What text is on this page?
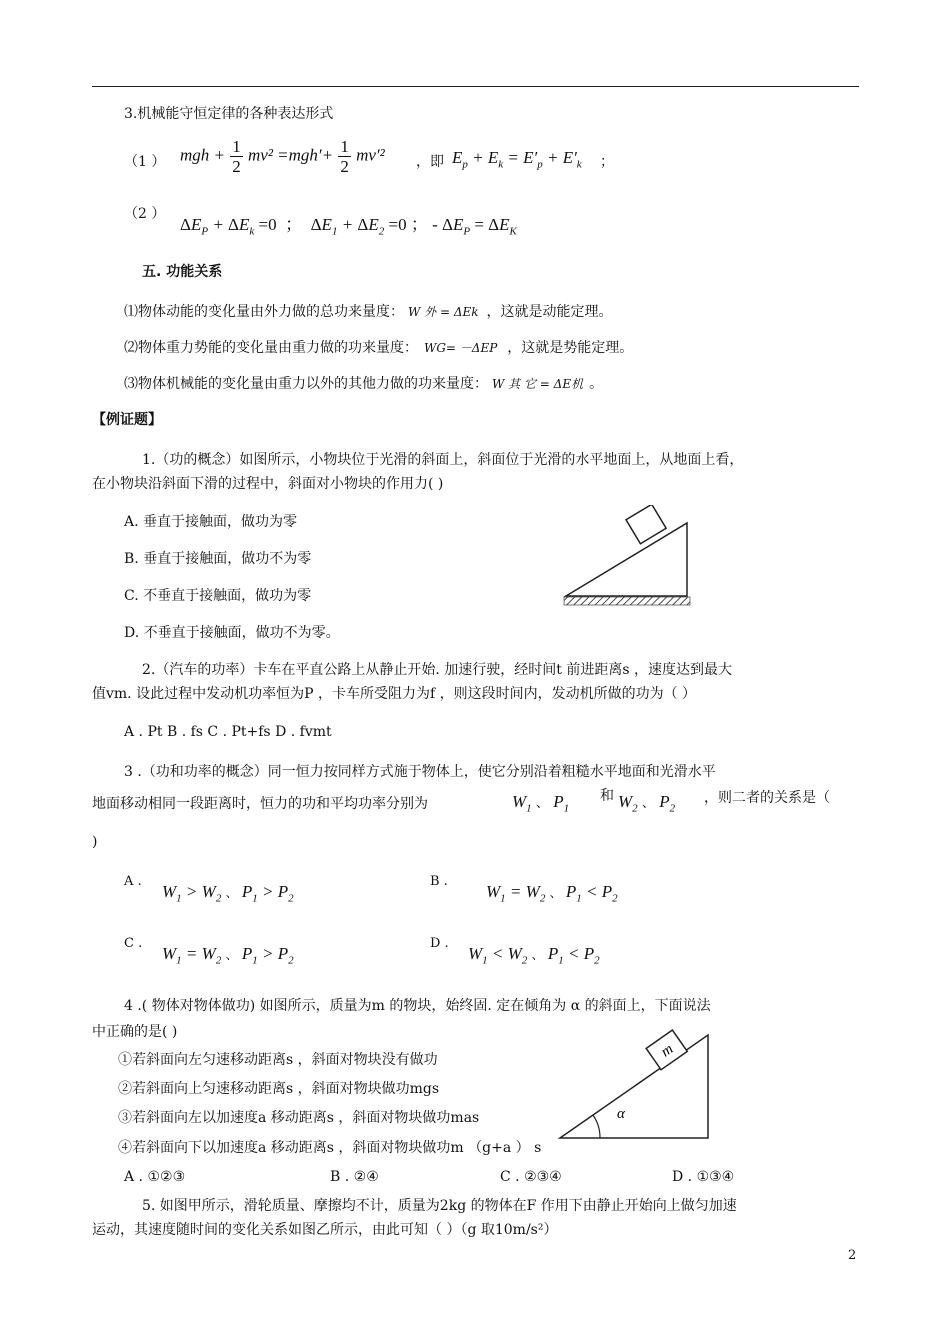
3.机械能守恒定律的各种表达形式
（1 ） mgh + $\frac{1}{2} mv^2 =mgh'+ \frac{1}{2} mv'^2$ ，即 $E_p + E_k = E'_p + E'_k$ ；
（2 ）
$\Delta E_P + \Delta E_k =0$ ； $\Delta E_1 + \Delta E_2 =0$ ； - $\Delta E_P = \Delta E_K$
五. 功能关系
⑴物体动能的变化量由外力做的总功来量度： W 外 = ΔEk ，这就是动能定理。
⑵物体重力势能的变化量由重力做的功来量度： WG= －ΔEP ，这就是势能定理。
⑶物体机械能的变化量由重力以外的其他力做的功来量度： W 其 它 = ΔE机 。
【例证题】
1.（功的概念）如图所示，小物块位于光滑的斜面上，斜面位于光滑的水平地面上，从地面上看，
在小物块沿斜面下滑的过程中，斜面对小物块的作用力( )
A. 垂直于接触面，做功为零
B. 垂直于接触面，做功不为零
C. 不垂直于接触面，做功为零
D. 不垂直于接触面，做功不为零。
2.（汽车的功率）卡车在平直公路上从静止开始. 加速行驶，经时间t 前进距离s ，速度达到最大
值vm. 设此过程中发动机功率恒为P ，卡车所受阻力为f ，则这段时间内，发动机所做的功为（ ）
A . Pt B . fs C . Pt+fs D . fvmt
3 .（功和功率的概念）同一恒力按同样方式施于物体上，使它分别沿着粗糙水平地面和光滑水平
地面移动相同一段距离时，恒力的功和平均功率分别为	$W_1$ 、 $P_1$
和 $W_2$ 、 $P_2$
，则二者的关系是（
)
A .
$W_1 > W_2$ 、 $P_1 > P_2$
B .
$W_1 = W_2$ 、 $P_1 < P_2$
C .
$W_1 = W_2$ 、 $P_1 > P_2$
D .
$W_1 < W_2$ 、 $P_1 < P_2$
4 .( 物体对物体做功) 如图所示，质量为m 的物块，始终固. 定在倾角为 α 的斜面上，下面说法
中正确的是( )
①若斜面向左匀速移动距离s ，斜面对物块没有做功
②若斜面向上匀速移动距离s ，斜面对物块做功mgs
③若斜面向左以加速度a 移动距离s ，斜面对物块做功mas
④若斜面向下以加速度a 移动距离s ，斜面对物块做功m （g+a ） s
A . ①②③	B . ②④	C . ②③④	D . ①③④
m
α
5. 如图甲所示，滑轮质量、摩擦均不计，质量为2kg 的物体在F 作用下由静止开始向上做匀加速
运动，其速度随时间的变化关系如图乙所示，由此可知（ ）（g 取10m/s²）
2
